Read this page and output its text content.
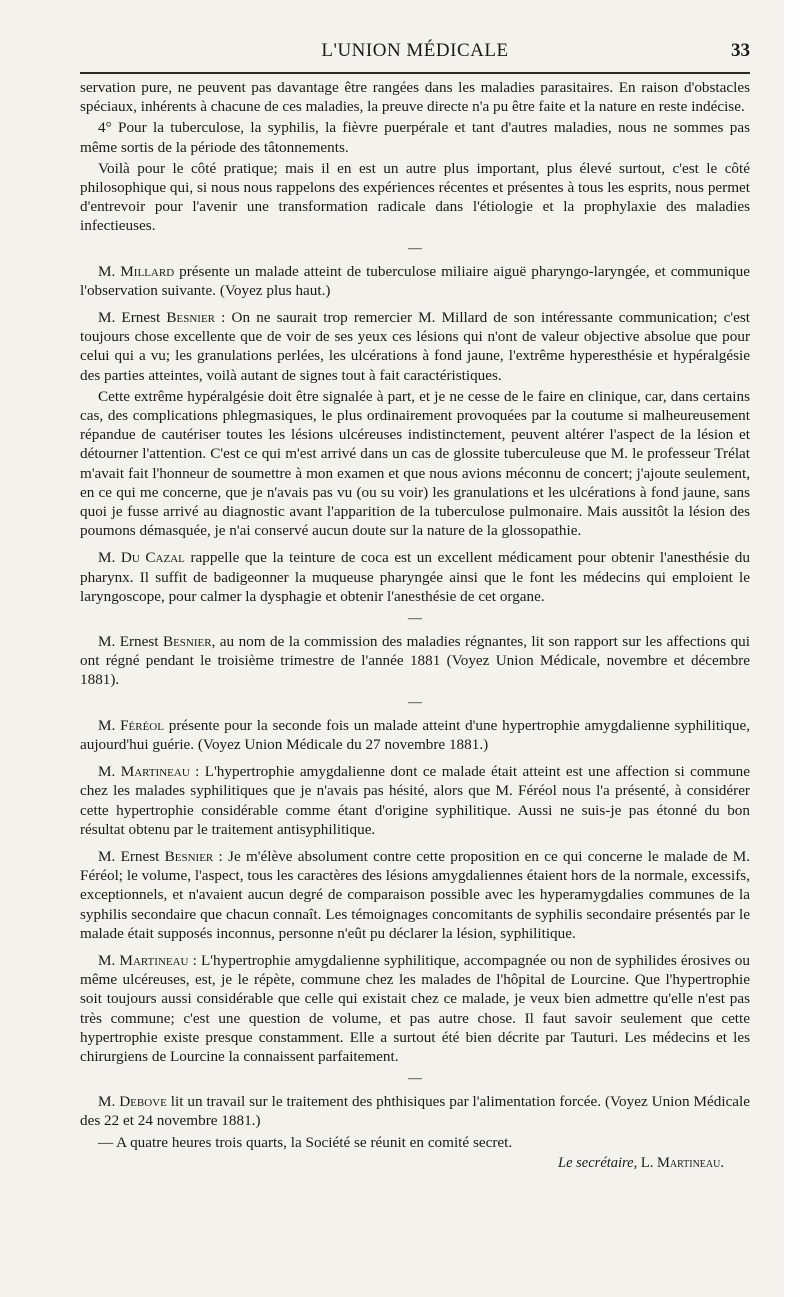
L'UNION MÉDICALE	33

servation pure, ne peuvent pas davantage être rangées dans les maladies parasitaires. En raison d'obstacles spéciaux, inhérents à chacune de ces maladies, la preuve directe n'a pu être faite et la nature en reste indécise.

4° Pour la tuberculose, la syphilis, la fièvre puerpérale et tant d'autres maladies, nous ne sommes pas même sortis de la période des tâtonnements.

Voilà pour le côté pratique; mais il en est un autre plus important, plus élevé surtout, c'est le côté philosophique qui, si nous nous rappelons des expériences récentes et présentes à tous les esprits, nous permet d'entrevoir pour l'avenir une transformation radicale dans l'étiologie et la prophylaxie des maladies infectieuses.

—

M. Millard présente un malade atteint de tuberculose miliaire aiguë pharyngo-laryngée, et communique l'observation suivante. (Voyez plus haut.)

M. Ernest Besnier : On ne saurait trop remercier M. Millard de son intéressante communication; c'est toujours chose excellente que de voir de ses yeux ces lésions qui n'ont de valeur objective absolue que pour celui qui a vu; les granulations perlées, les ulcérations à fond jaune, l'extrême hyperesthésie et hypéralgésie des parties atteintes, voilà autant de signes tout à fait caractéristiques.

Cette extrême hypéralgésie doit être signalée à part, et je ne cesse de le faire en clinique, car, dans certains cas, des complications phlegmasiques, le plus ordinairement provoquées par la coutume si malheureusement répandue de cautériser toutes les lésions ulcéreuses indistinctement, peuvent altérer l'aspect de la lésion et détourner l'attention. C'est ce qui m'est arrivé dans un cas de glossite tuberculeuse que M. le professeur Trélat m'avait fait l'honneur de soumettre à mon examen et que nous avions méconnu de concert; j'ajoute seulement, en ce qui me concerne, que je n'avais pas vu (ou su voir) les granulations et les ulcérations à fond jaune, sans quoi je fusse arrivé au diagnostic avant l'apparition de la tuberculose pulmonaire. Mais aussitôt la lésion des poumons démasquée, je n'ai conservé aucun doute sur la nature de la glossopathie.

M. Du Cazal rappelle que la teinture de coca est un excellent médicament pour obtenir l'anesthésie du pharynx. Il suffit de badigeonner la muqueuse pharyngée ainsi que le font les médecins qui emploient le laryngoscope, pour calmer la dysphagie et obtenir l'anesthésie de cet organe.

—

M. Ernest Besnier, au nom de la commission des maladies régnantes, lit son rapport sur les affections qui ont régné pendant le troisième trimestre de l'année 1881 (Voyez Union Médicale, novembre et décembre 1881).

—

M. Féréol présente pour la seconde fois un malade atteint d'une hypertrophie amygdalienne syphilitique, aujourd'hui guérie. (Voyez Union Médicale du 27 novembre 1881.)

M. Martineau : L'hypertrophie amygdalienne dont ce malade était atteint est une affection si commune chez les malades syphilitiques que je n'avais pas hésité, alors que M. Féréol nous l'a présenté, à considérer cette hypertrophie considérable comme étant d'origine syphilitique. Aussi ne suis-je pas étonné du bon résultat obtenu par le traitement antisyphilitique.

M. Ernest Besnier : Je m'élève absolument contre cette proposition en ce qui concerne le malade de M. Féréol; le volume, l'aspect, tous les caractères des lésions amygdaliennes étaient hors de la normale, excessifs, exceptionnels, et n'avaient aucun degré de comparaison possible avec les hyperamygdalies communes de la syphilis secondaire que chacun connaît. Les témoignages concomitants de syphilis secondaire présentés par le malade était supposés inconnus, personne n'eût pu déclarer la lésion, syphilitique.

M. Martineau : L'hypertrophie amygdalienne syphilitique, accompagnée ou non de syphilides érosives ou même ulcéreuses, est, je le répète, commune chez les malades de l'hôpital de Lourcine. Que l'hypertrophie soit toujours aussi considérable que celle qui existait chez ce malade, je veux bien admettre qu'elle n'est pas très commune; c'est une question de volume, et pas autre chose. Il faut savoir seulement que cette hypertrophie existe presque constamment. Elle a surtout été bien décrite par Tauturi. Les médecins et les chirurgiens de Lourcine la connaissent parfaitement.

—

M. Debove lit un travail sur le traitement des phthisiques par l'alimentation forcée. (Voyez Union Médicale des 22 et 24 novembre 1881.)

— A quatre heures trois quarts, la Société se réunit en comité secret.

Le secrétaire, L. Martineau.
